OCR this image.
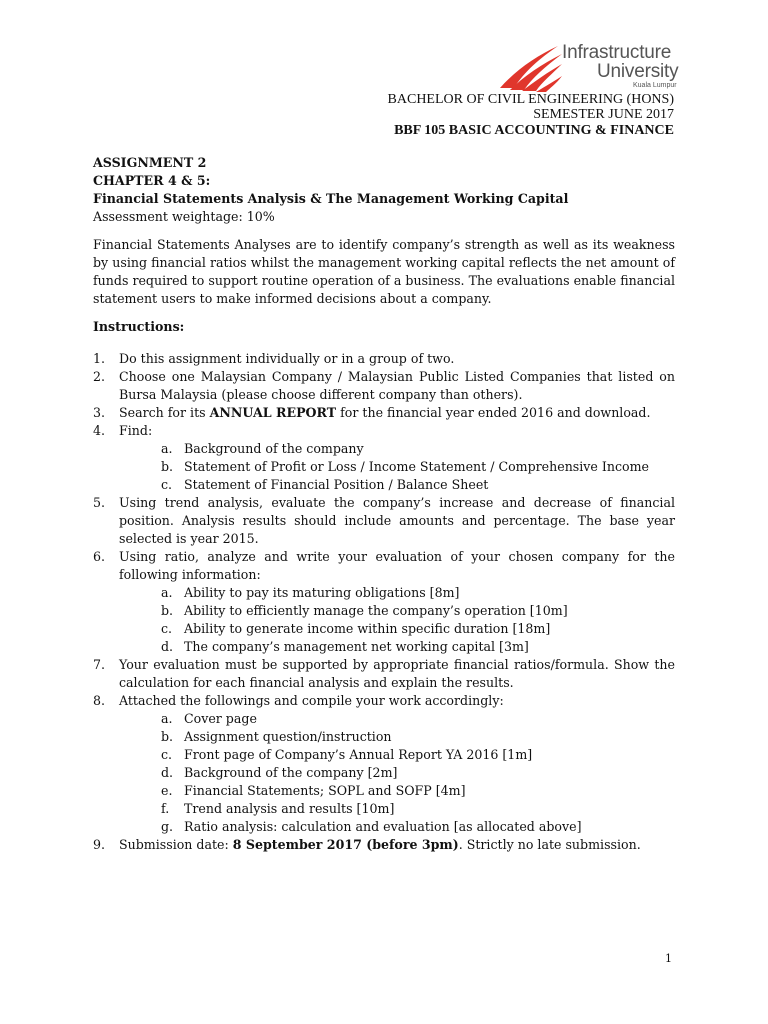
Infrastructure
University
Kuala Lumpur
BACHELOR OF CIVIL ENGINEERING (HONS)
SEMESTER JUNE 2017
BBF 105 BASIC ACCOUNTING & FINANCE
ASSIGNMENT 2
CHAPTER 4 & 5:
Financial Statements Analysis & The Management Working Capital
Assessment weightage: 10%

Financial Statements Analyses are to identify company’s strength as well as its weakness by using financial ratios whilst the management working capital reflects the net amount of funds required to support routine operation of a business. The evaluations enable financial statement users to make informed decisions about a company.

Instructions:
1.	Do this assignment individually or in a group of two.
2.	Choose one Malaysian Company / Malaysian Public Listed Companies that listed on Bursa Malaysia (please choose different company than others).
3.	Search for its ANNUAL REPORT for the financial year ended 2016 and download.
4.	Find:
a. Background of the company
b. Statement of Profit or Loss / Income Statement / Comprehensive Income
c. Statement of Financial Position / Balance Sheet
5.	Using trend analysis, evaluate the company’s increase and decrease of financial position. Analysis results should include amounts and percentage. The base year selected is year 2015.
6.	Using ratio, analyze and write your evaluation of your chosen company for the following information:
a. Ability to pay its maturing obligations [8m]
b. Ability to efficiently manage the company’s operation [10m]
c. Ability to generate income within specific duration [18m]
d. The company’s management net working capital [3m]
7.	Your evaluation must be supported by appropriate financial ratios/formula. Show the calculation for each financial analysis and explain the results.
8.	Attached the followings and compile your work accordingly:
a. Cover page
b. Assignment question/instruction
c. Front page of Company’s Annual Report YA 2016 [1m]
d. Background of the company [2m]
e. Financial Statements; SOPL and SOFP [4m]
f. Trend analysis and results [10m]
g. Ratio analysis: calculation and evaluation [as allocated above]
9.	Submission date: 8 September 2017 (before 3pm). Strictly no late submission.
1
